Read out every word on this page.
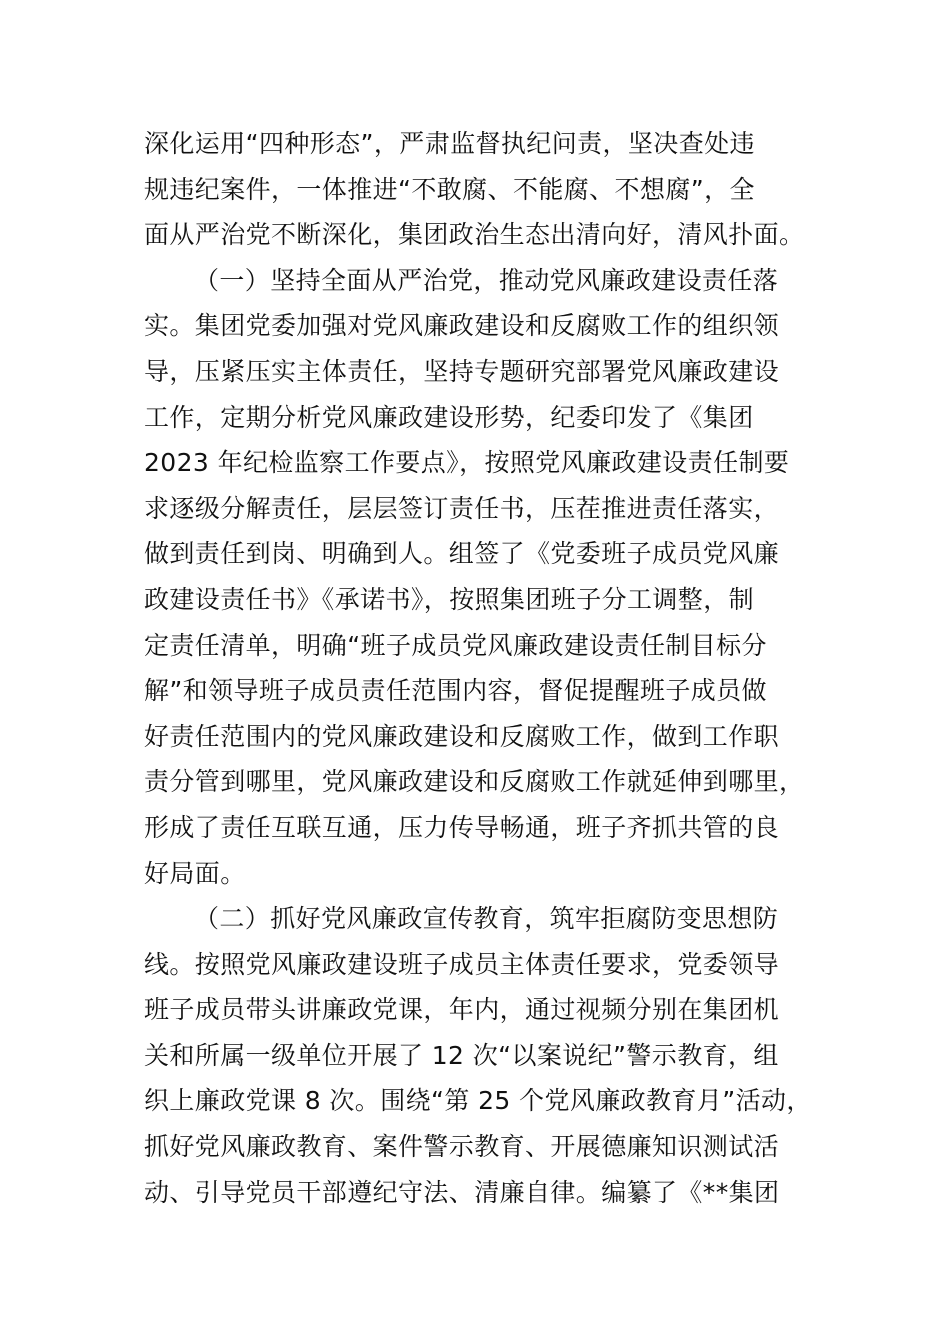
深化运用“四种形态”，严肃监督执纪问责，坚决查处违
规违纪案件，一体推进“不敢腐、不能腐、不想腐”，全
面从严治党不断深化，集团政治生态出清向好，清风扑面。
（一）坚持全面从严治党，推动党风廉政建设责任落
实。集团党委加强对党风廉政建设和反腐败工作的组织领
导，压紧压实主体责任，坚持专题研究部署党风廉政建设
工作，定期分析党风廉政建设形势，纪委印发了《集团
2023 年纪检监察工作要点》，按照党风廉政建设责任制要
求逐级分解责任，层层签订责任书，压茬推进责任落实，
做到责任到岗、明确到人。组签了《党委班子成员党风廉
政建设责任书》《承诺书》，按照集团班子分工调整，制
定责任清单，明确“班子成员党风廉政建设责任制目标分
解”和领导班子成员责任范围内容，督促提醒班子成员做
好责任范围内的党风廉政建设和反腐败工作，做到工作职
责分管到哪里，党风廉政建设和反腐败工作就延伸到哪里，
形成了责任互联互通，压力传导畅通，班子齐抓共管的良
好局面。
（二）抓好党风廉政宣传教育，筑牢拒腐防变思想防
线。按照党风廉政建设班子成员主体责任要求，党委领导
班子成员带头讲廉政党课，年内，通过视频分别在集团机
关和所属一级单位开展了 12 次“以案说纪”警示教育，组
织上廉政党课 8 次。围绕“第 25 个党风廉政教育月”活动，
抓好党风廉政教育、案件警示教育、开展德廉知识测试活
动、引导党员干部遵纪守法、清廉自律。编纂了《**集团
